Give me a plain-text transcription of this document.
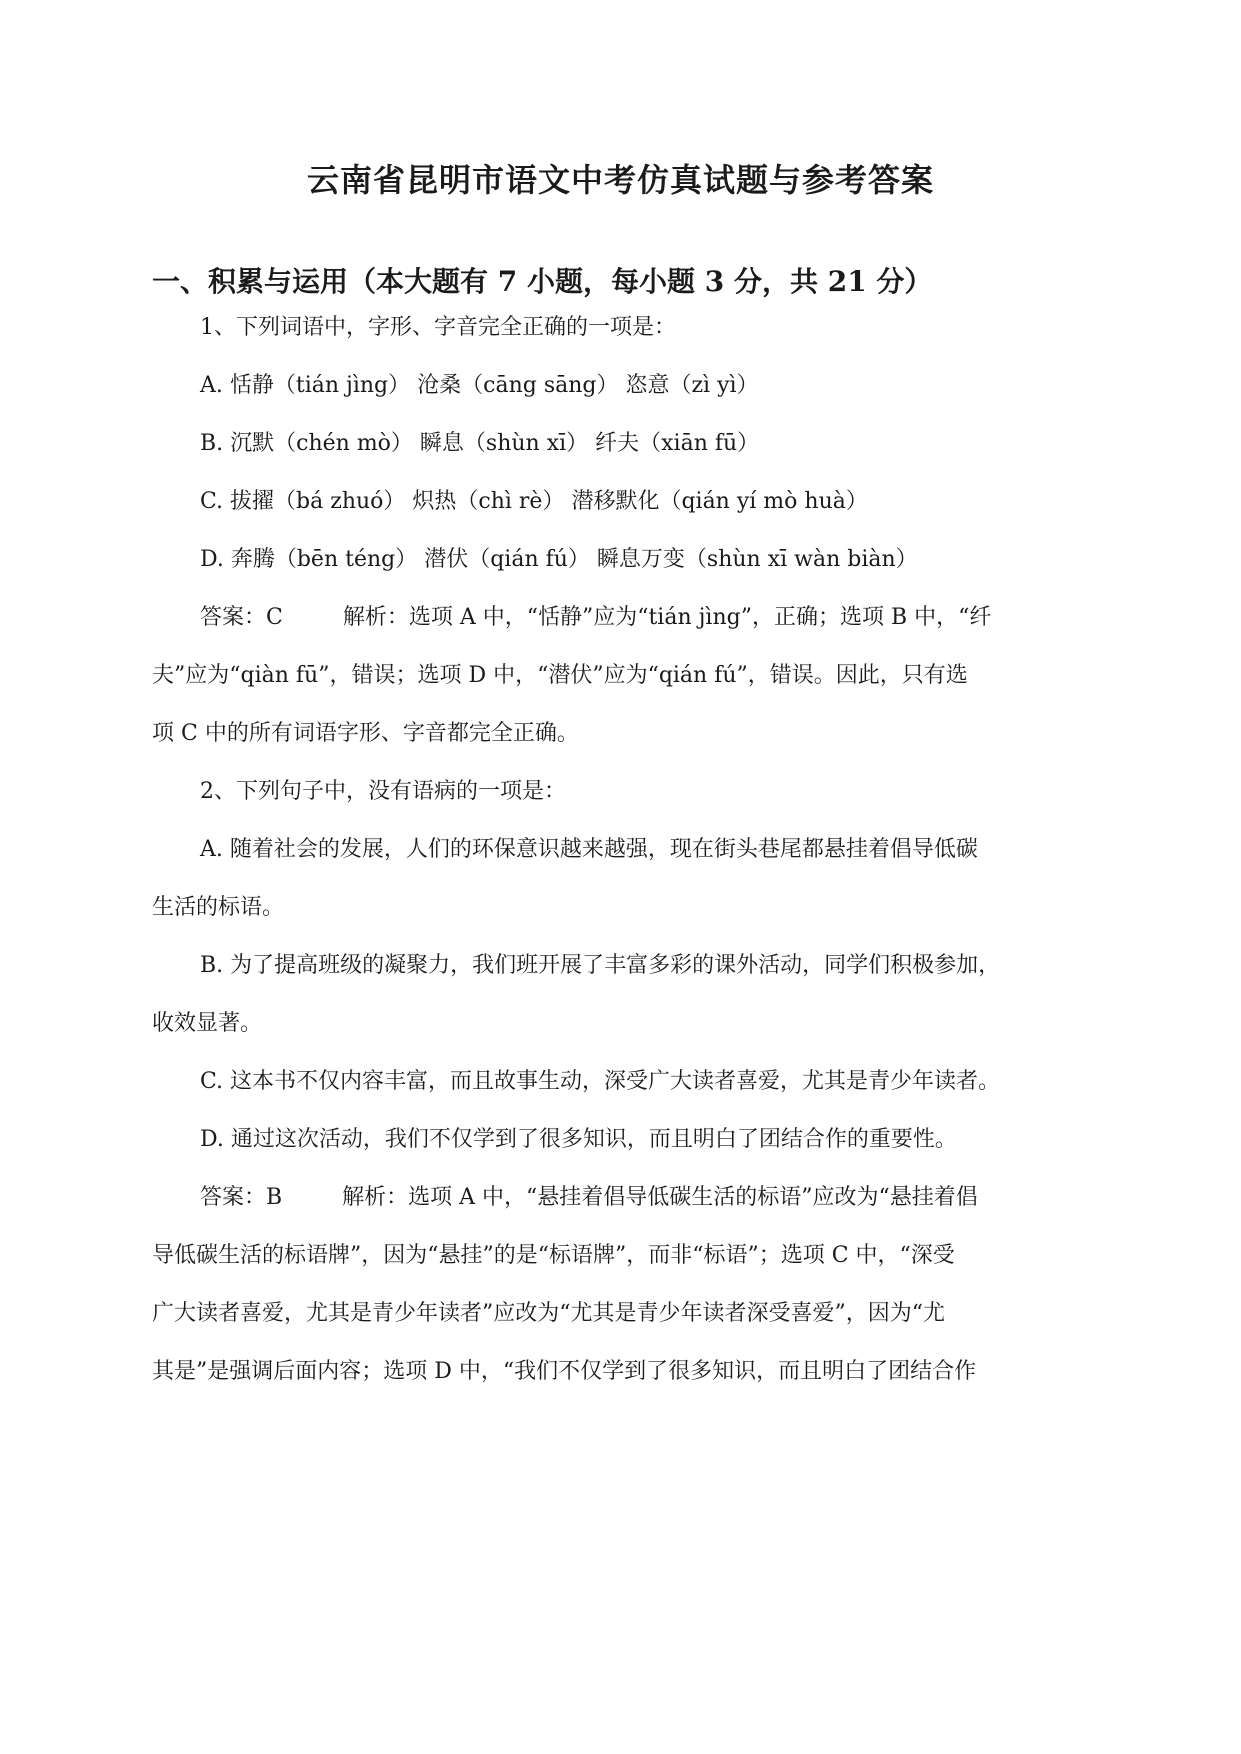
云南省昆明市语文中考仿真试题与参考答案
一、积累与运用（本大题有 7 小题，每小题 3 分，共 21 分）
1、下列词语中，字形、字音完全正确的一项是：
A. 恬静（tián jìng） 沧桑（cāng sāng） 恣意（zì yì）
B. 沉默（chén mò） 瞬息（shùn xī） 纤夫（xiān fū）
C. 拔擢（bá zhuó） 炽热（chì rè） 潜移默化（qián yí mò huà）
D. 奔腾（bēn téng） 潜伏（qián fú） 瞬息万变（shùn xī wàn biàn）
答案：C	解析：选项 A 中，“恬静”应为“tián jìng”，正确；选项 B 中，“纤
夫”应为“qiàn fū”，错误；选项 D 中，“潜伏”应为“qián fú”，错误。因此，只有选
项 C 中的所有词语字形、字音都完全正确。
2、下列句子中，没有语病的一项是：
A. 随着社会的发展，人们的环保意识越来越强，现在街头巷尾都悬挂着倡导低碳
生活的标语。
B. 为了提高班级的凝聚力，我们班开展了丰富多彩的课外活动，同学们积极参加，
收效显著。
C. 这本书不仅内容丰富，而且故事生动，深受广大读者喜爱，尤其是青少年读者。
D. 通过这次活动，我们不仅学到了很多知识，而且明白了团结合作的重要性。
答案：B	解析：选项 A 中，“悬挂着倡导低碳生活的标语”应改为“悬挂着倡
导低碳生活的标语牌”，因为“悬挂”的是“标语牌”，而非“标语”；选项 C 中，“深受
广大读者喜爱，尤其是青少年读者”应改为“尤其是青少年读者深受喜爱”，因为“尤
其是”是强调后面内容；选项 D 中，“我们不仅学到了很多知识，而且明白了团结合作
